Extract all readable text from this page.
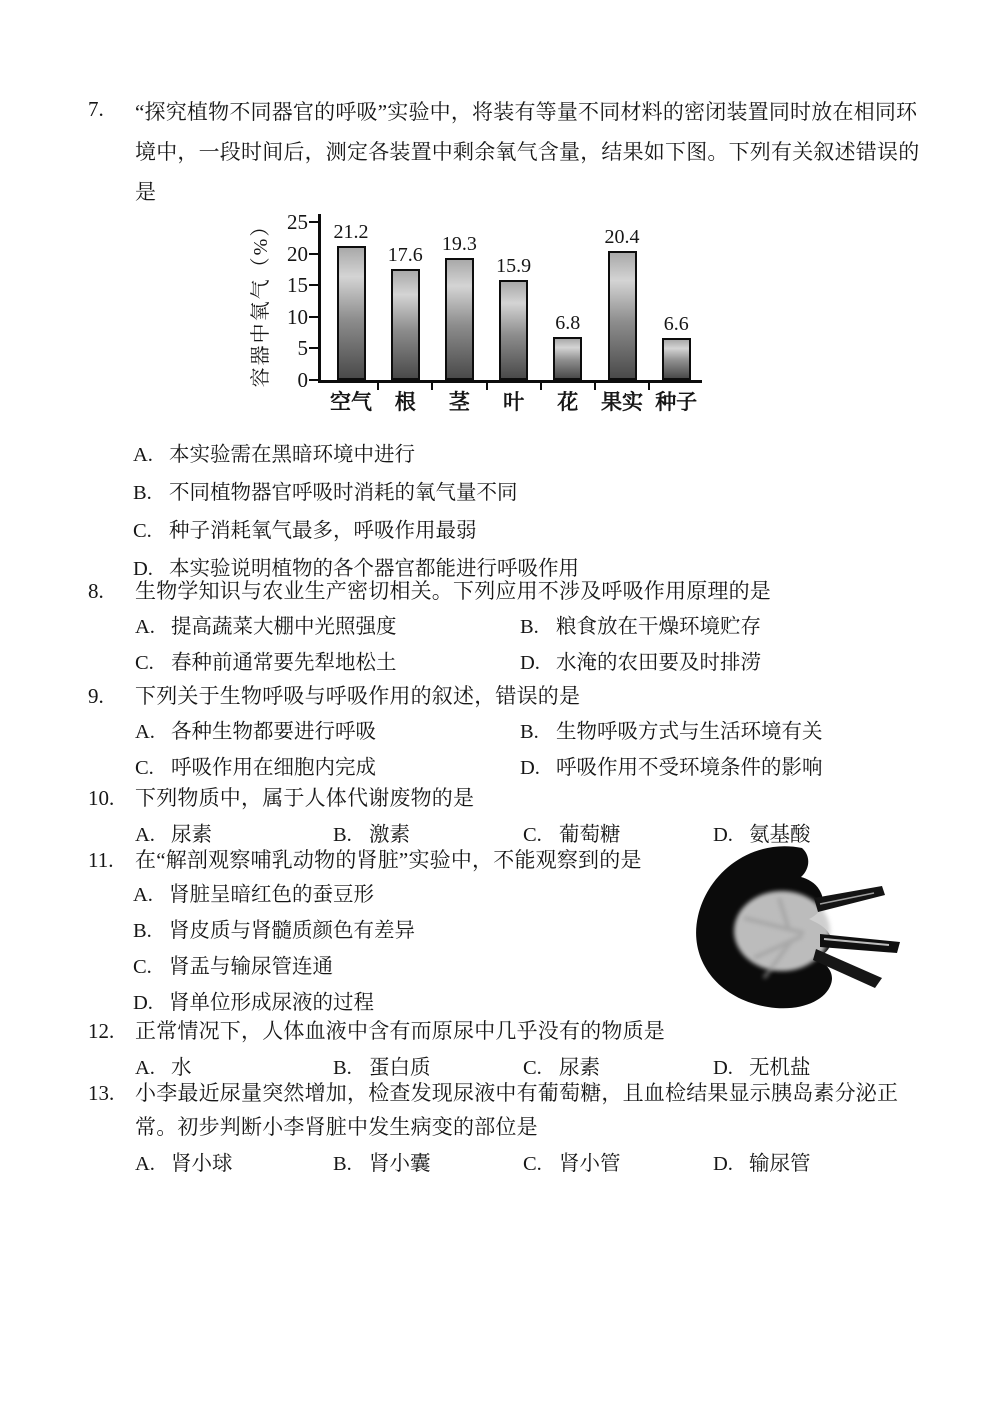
7.	“探究植物不同器官的呼吸”实验中，将装有等量不同材料的密闭装置同时放在相同环境中，一段时间后，测定各装置中剩余氧气含量，结果如下图。下列有关叙述错误的是
容器中氧气（%） 25
20
15
10
5
0
21.2
空气
17.6
根
19.3
茎
15.9
叶
6.8
花
20.4
果实
6.6
种子
A. 本实验需在黑暗环境中进行
B. 不同植物器官呼吸时消耗的氧气量不同
C. 种子消耗氧气最多，呼吸作用最弱
D. 本实验说明植物的各个器官都能进行呼吸作用
8.	生物学知识与农业生产密切相关。下列应用不涉及呼吸作用原理的是
A. 提高蔬菜大棚中光照强度	B. 粮食放在干燥环境贮存
C. 春种前通常要先犁地松土	D. 水淹的农田要及时排涝
9.	下列关于生物呼吸与呼吸作用的叙述，错误的是
A. 各种生物都要进行呼吸	B. 生物呼吸方式与生活环境有关
C. 呼吸作用在细胞内完成	D. 呼吸作用不受环境条件的影响
10. 下列物质中，属于人体代谢废物的是
A. 尿素	B. 激素	C. 葡萄糖	D. 氨基酸
11.	在“解剖观察哺乳动物的肾脏”实验中，不能观察到的是
A. 肾脏呈暗红色的蚕豆形
B. 肾皮质与肾髓质颜色有差异
C. 肾盂与输尿管连通
D. 肾单位形成尿液的过程
12. 正常情况下，人体血液中含有而原尿中几乎没有的物质是
A. 水	B. 蛋白质	C. 尿素	D. 无机盐
13. 小李最近尿量突然增加，检查发现尿液中有葡萄糖，且血检结果显示胰岛素分泌正常。初步判断小李肾脏中发生病变的部位是
A. 肾小球	B. 肾小囊	C. 肾小管	D. 输尿管
